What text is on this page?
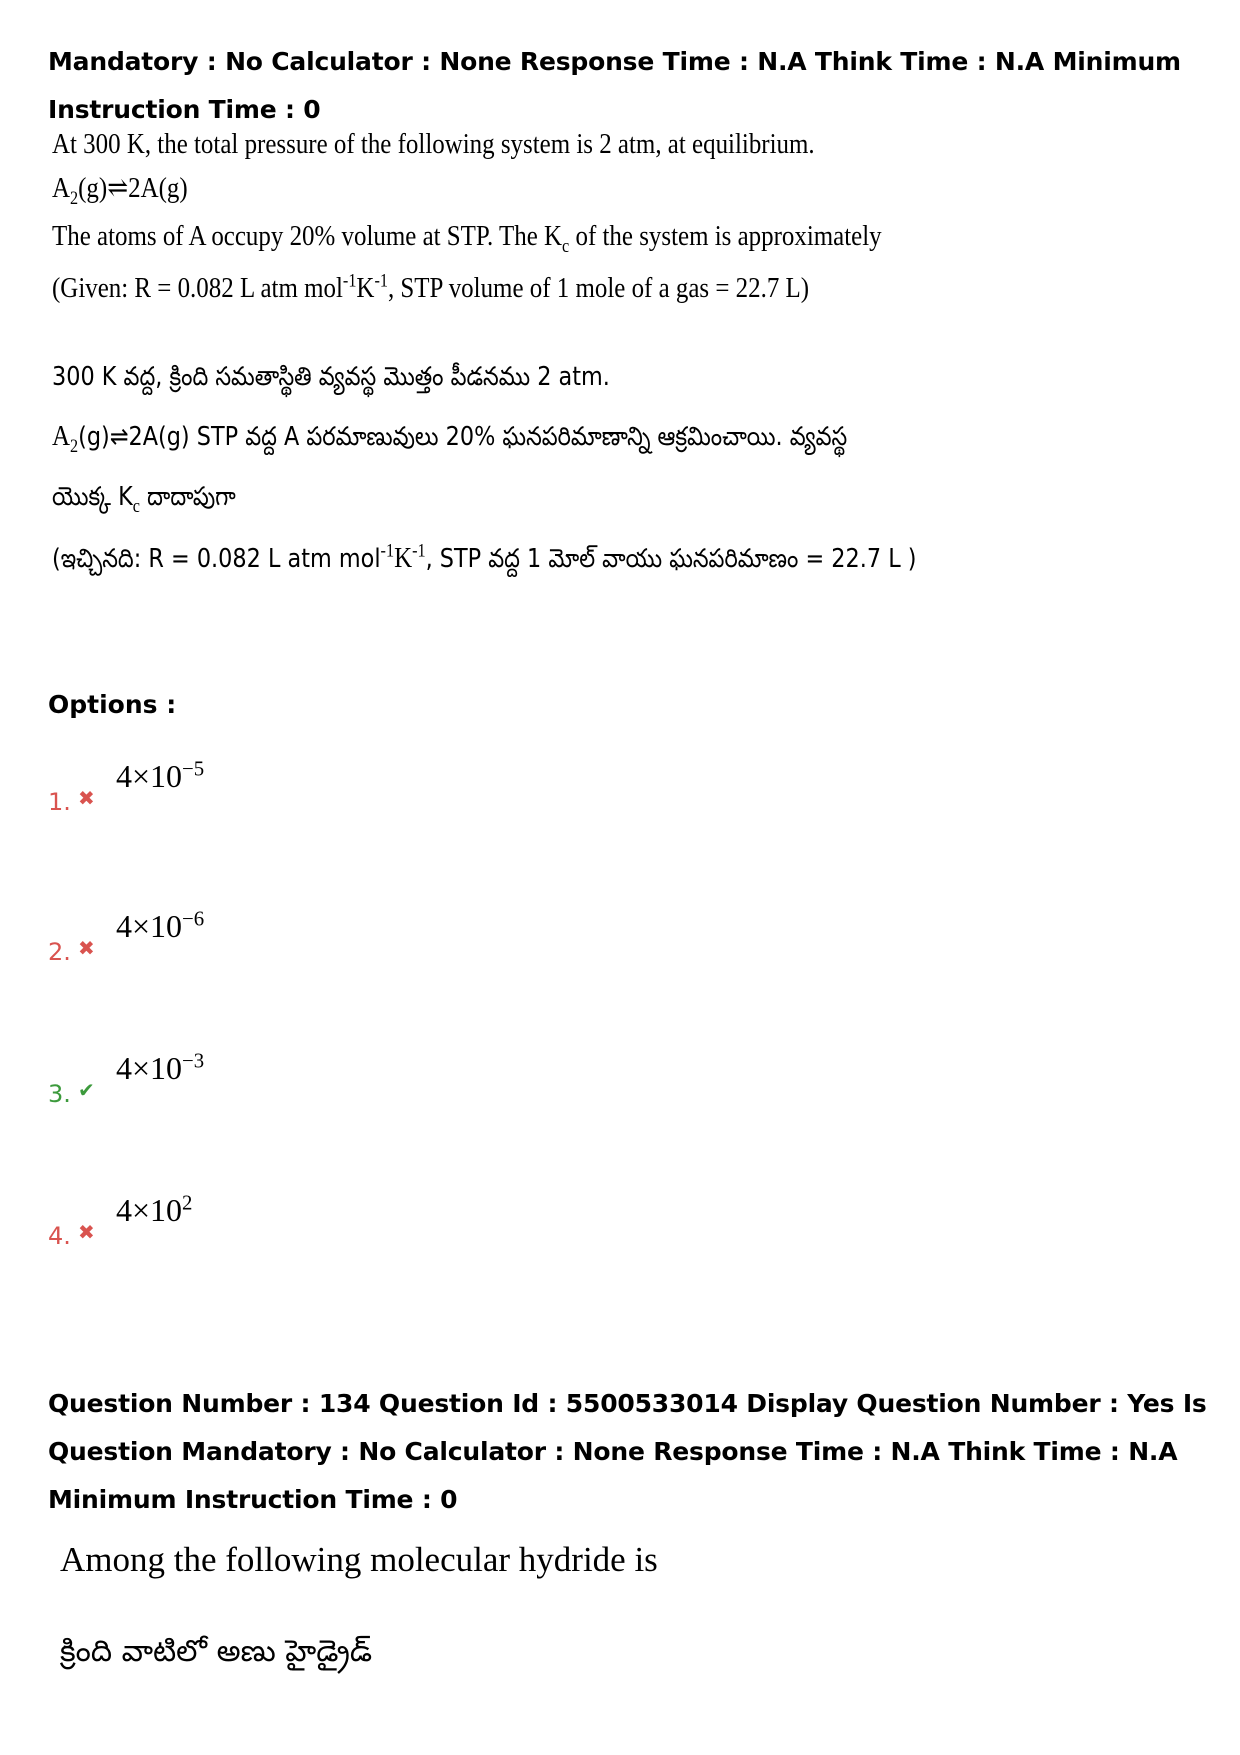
Mandatory : No Calculator : None Response Time : N.A Think Time : N.A Minimum Instruction Time : 0

At 300 K, the total pressure of the following system is 2 atm, at equilibrium.
$A_2(g)\rightleftharpoons 2A(g)$
The atoms of A occupy 20% volume at STP. The $K_c$ of the system is approximately
(Given: R = 0.082 L atm $mol^{-1}K^{-1}$, STP volume of 1 mole of a gas = 22.7 L)
300 K వద్ద, క్రింది సమతాస్థితి వ్యవస్థ మొత్తం పీడనము 2 atm.
$A_2(g)\rightleftharpoons 2A(g)$ STP వద్ద A పరమాణువులు 20% ఘనపరిమాణాన్ని ఆక్రమించాయి. వ్యవస్థ
యొక్క $K_c$ దాదాపుగా
(ఇచ్చినది: R = 0.082 L atm $mol^{-1}K^{-1}$, STP వద్ద 1 మోల్ వాయు ఘనపరిమాణం = 22.7 L )
Options :
1. ✖
$4\times 10^{-5}$
2. ✖
$4\times 10^{-6}$
3. ✔
$4\times 10^{-3}$
4. ✖
$4\times 10^2$

Question Number : 134 Question Id : 5500533014 Display Question Number : Yes Is Question Mandatory : No Calculator : None Response Time : N.A Think Time : N.A Minimum Instruction Time : 0

Among the following molecular hydride is
క్రింది వాటిలో అణు హైడ్రైడ్
